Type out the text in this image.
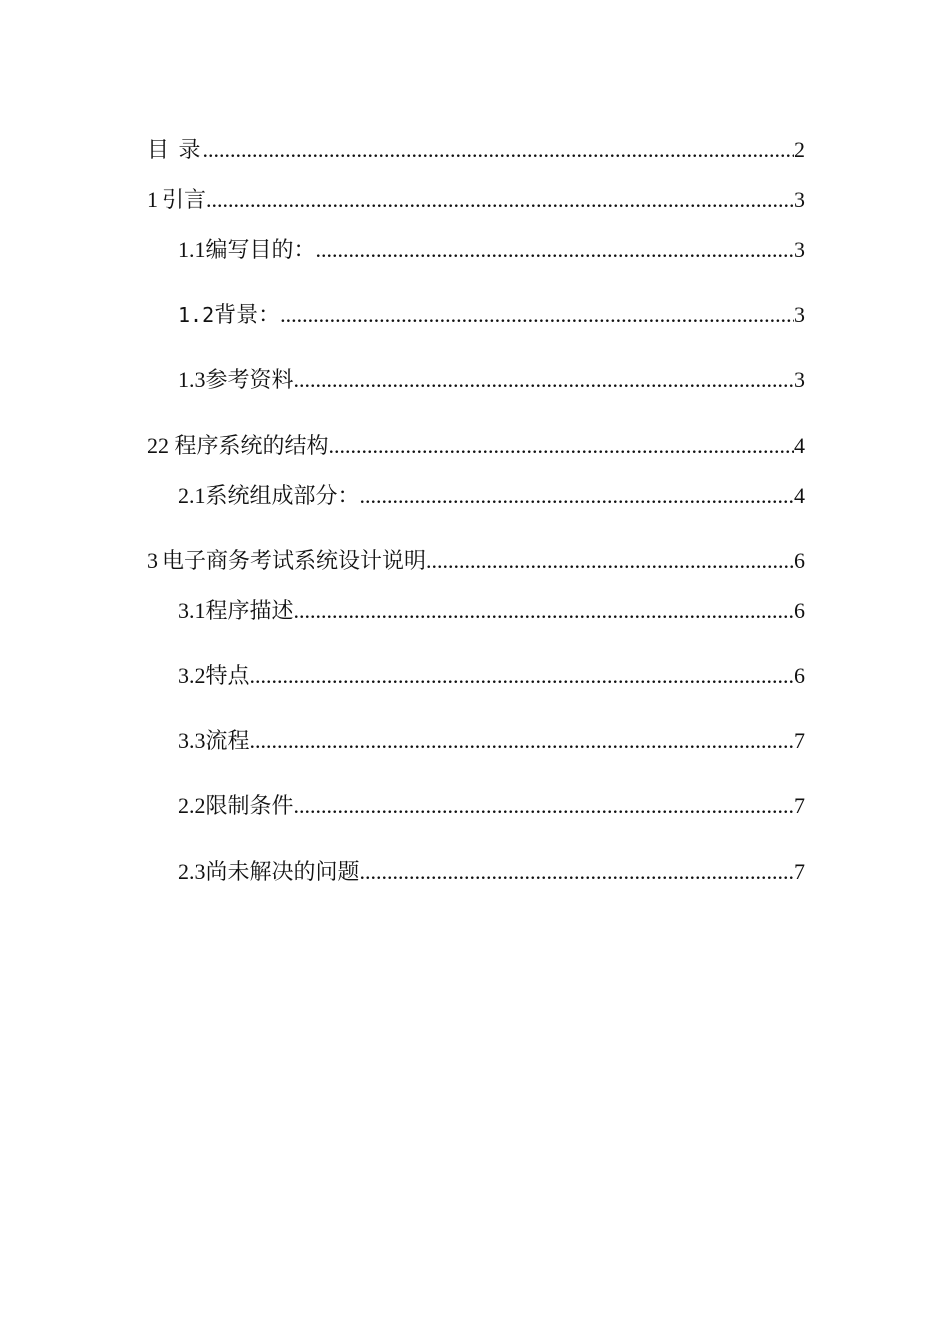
目 录 .....	2
1 引言 .....	3
1.1 编写目的： .....	3
1.2 背景： .....	3
1.3 参考资料 .....	3
2 2 程序系统的结构 .....	4
2.1 系统组成部分： .....	4
3 电子商务考试系统设计说明 .....	6
3.1 程序描述 .....	6
3.2 特点 .....	6
3.3 流程 .....	7
2.2 限制条件 .....	7
2.3 尚未解决的问题 .....	7
